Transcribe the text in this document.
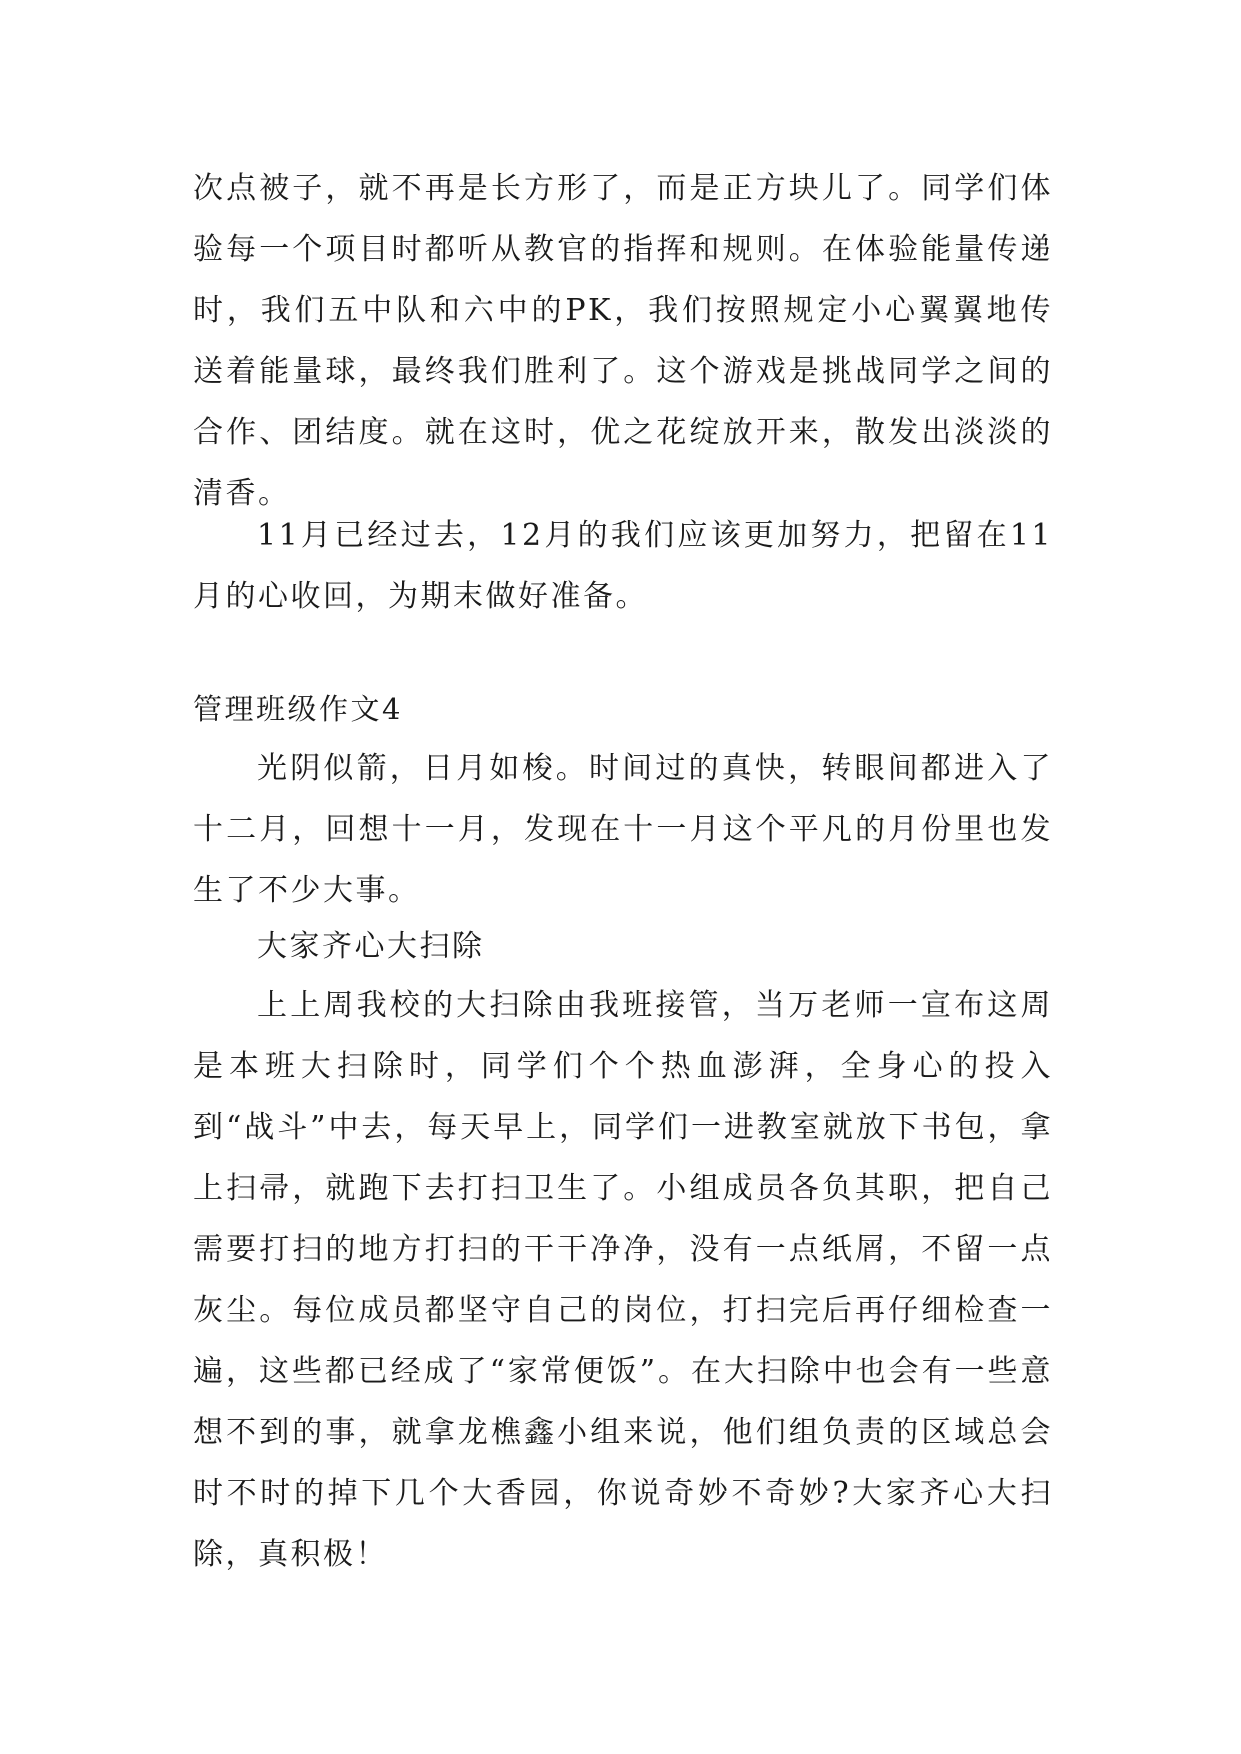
次点被子，就不再是长方形了，而是正方块儿了。同学们体验每一个项目时都听从教官的指挥和规则。在体验能量传递时，我们五中队和六中的PK，我们按照规定小心翼翼地传送着能量球，最终我们胜利了。这个游戏是挑战同学之间的合作、团结度。就在这时，优之花绽放开来，散发出淡淡的清香。

11月已经过去，12月的我们应该更加努力，把留在11月的心收回，为期末做好准备。

管理班级作文4

光阴似箭，日月如梭。时间过的真快，转眼间都进入了十二月，回想十一月，发现在十一月这个平凡的月份里也发生了不少大事。

大家齐心大扫除

上上周我校的大扫除由我班接管，当万老师一宣布这周是本班大扫除时，同学们个个热血澎湃，全身心的投入到“战斗”中去，每天早上，同学们一进教室就放下书包，拿上扫帚，就跑下去打扫卫生了。小组成员各负其职，把自己需要打扫的地方打扫的干干净净，没有一点纸屑，不留一点灰尘。每位成员都坚守自己的岗位，打扫完后再仔细检查一遍，这些都已经成了“家常便饭”。在大扫除中也会有一些意想不到的事，就拿龙樵鑫小组来说，他们组负责的区域总会时不时的掉下几个大香园，你说奇妙不奇妙?大家齐心大扫除，真积极！
